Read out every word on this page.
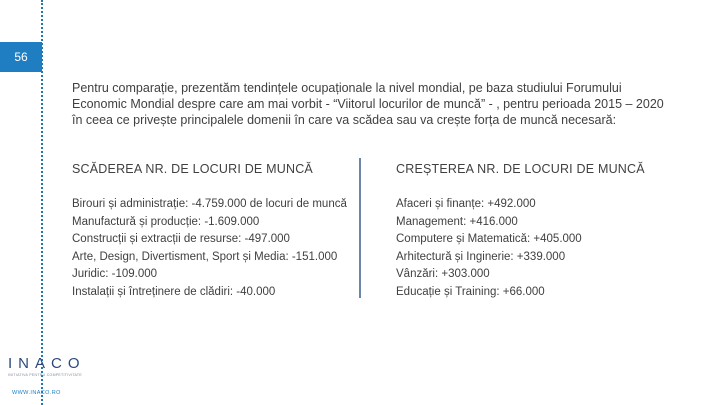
56

Pentru comparație, prezentăm tendințele ocupaționale la nivel mondial, pe baza studiului Forumului Economic Mondial despre care am mai vorbit - “Viitorul locurilor de muncă” - , pentru perioada 2015 – 2020 în ceea ce privește principalele domenii în care va scădea sau va crește forța de muncă necesară:

SCĂDEREA NR. DE LOCURI DE MUNCĂ	CREȘTEREA NR. DE LOCURI DE MUNCĂ
Birouri și administrație: -4.759.000 de locuri de muncă
Manufactură și producție: -1.609.000
Construcții și extracții de resurse: -497.000
Arte, Design, Divertisment, Sport și Media: -151.000
Juridic: -109.000
Instalații și întreținere de clădiri: -40.000
Afaceri și finanțe: +492.000
Management: +416.000
Computere și Matematică: +405.000
Arhitectură și Inginerie: +339.000
Vânzări: +303.000
Educație și Training: +66.000
INACO
INITIATIVA PENTRU COMPETITIVITATE
WWW.INACO.RO
